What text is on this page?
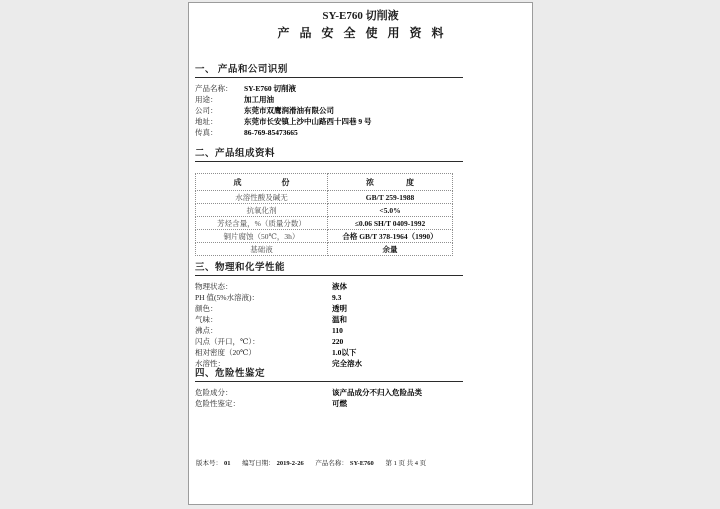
SY-E760 切削液
产 品 安 全 使 用 资 料
一、 产品和公司识别
产品名称：	SY-E760 切削液
用途：	加工用油
公司：	东莞市双鹰润滑油有限公司
地址：	东莞市长安镇上沙中山路西十四巷 9 号
传真：	86-769-85473665
二、产品组成资料
成　　　　　份	浓　　　　度
水溶性酸及碱无	GB/T 259-1988
抗氧化剂	<5.0%
芳烃含量，%（质量分数）	≤0.06 SH/T 0409-1992
铜片腐蚀（50℃，3h）	合格 GB/T 378-1964（1990）
基础液	余量
三、物理和化学性能
物理状态：	液体
PH 值(5%水溶液)：	9.3
颜色：	透明
气味：	温和
沸点：	110
闪点（开口，℃）：	220
相对密度（20℃）	1.0以下
水溶性：	完全溶水
四、危险性鉴定
危险成分：	该产品成分不归入危险品类
危险性鉴定：	可燃
版本号： 01 编写日期： 2019-2-26 产品名称： SY-E760 第 1 页 共 4 页
